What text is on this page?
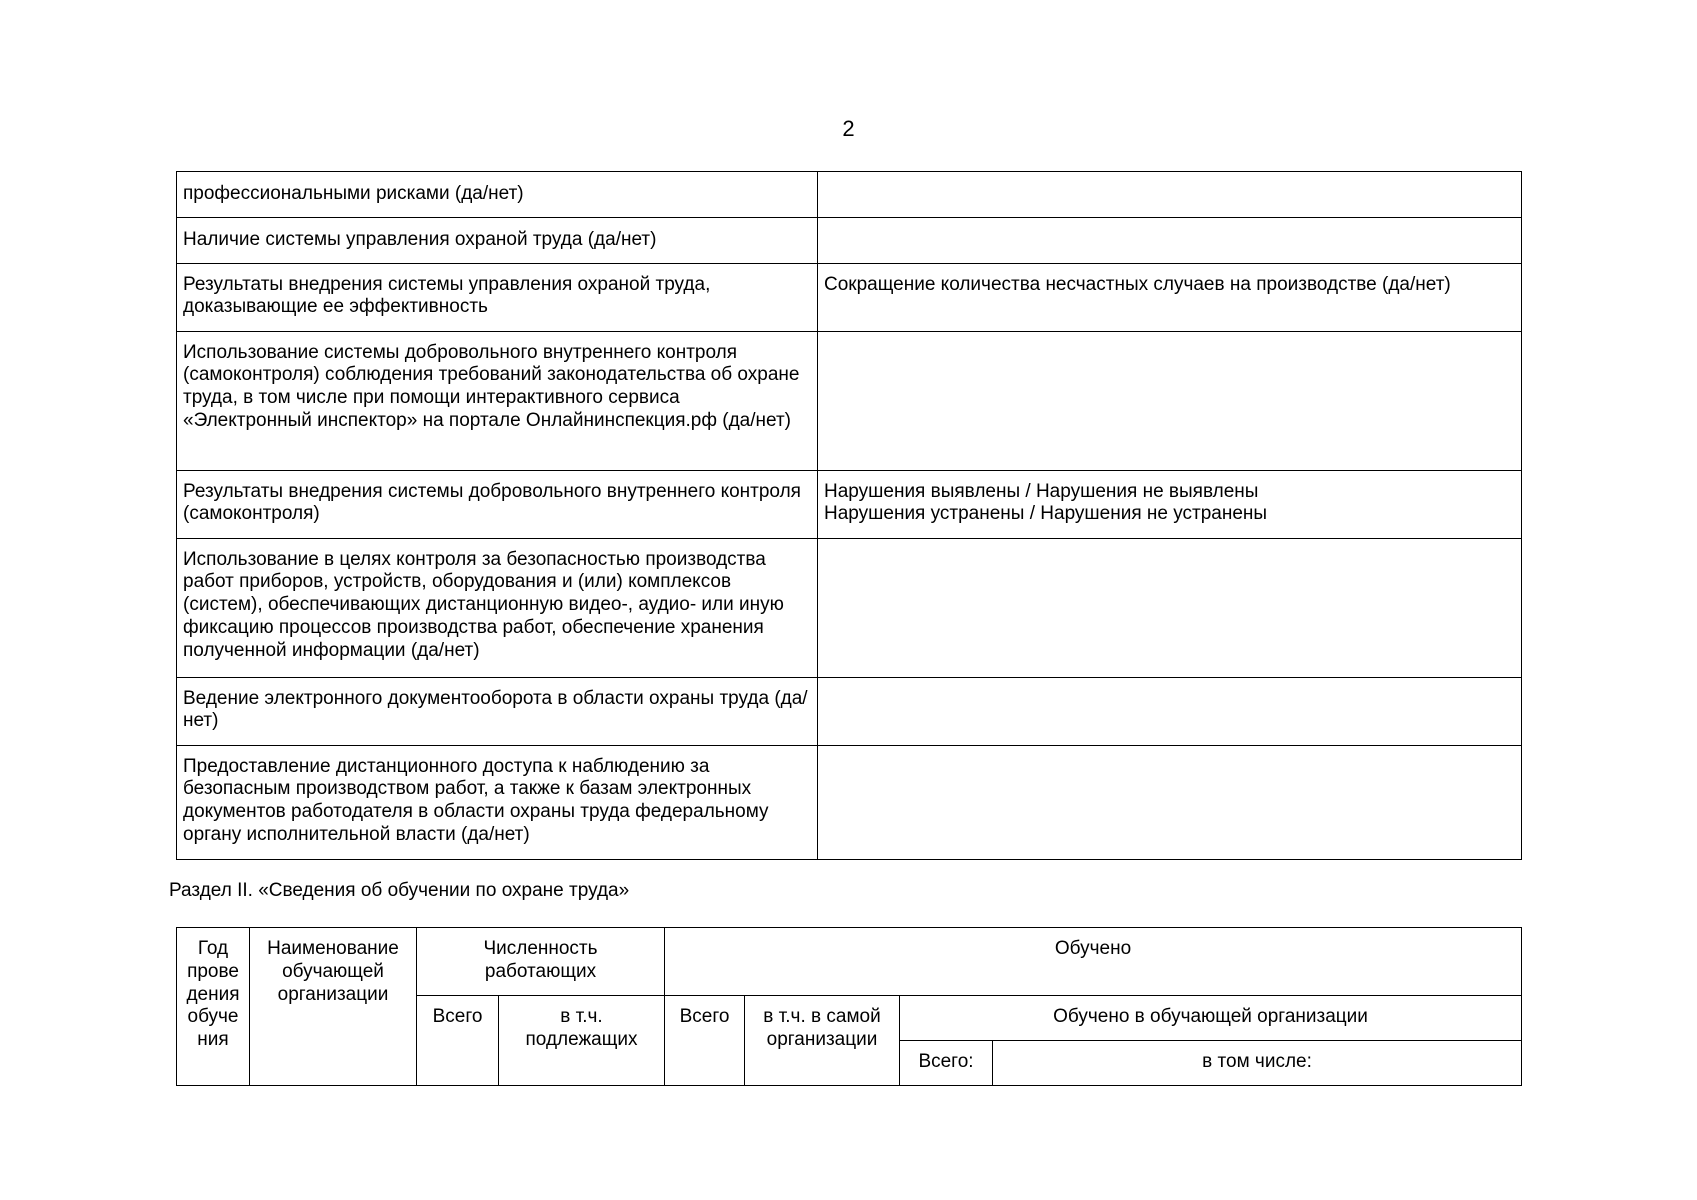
2
профессиональными рисками (да/нет)	
Наличие системы управления охраной труда (да/нет)	
Результаты внедрения системы управления охраной труда, доказывающие ее эффективность	Сокращение количества несчастных случаев на производстве (да/нет)
Использование системы добровольного внутреннего контроля (самоконтроля) соблюдения требований законодательства об охране труда, в том числе при помощи интерактивного сервиса «Электронный инспектор» на портале Онлайнинспекция.рф (да/нет)	
Результаты внедрения системы добровольного внутреннего контроля (самоконтроля)	Нарушения выявлены / Нарушения не выявлены
Нарушения устранены / Нарушения не устранены

Использование в целях контроля за безопасностью производства работ приборов, устройств, оборудования и (или) комплексов (систем), обеспечивающих дистанционную видео-, аудио- или иную фиксацию процессов производства работ, обеспечение хранения полученной информации (да/нет)	
Ведение электронного документооборота в области охраны труда (да/нет)	
Предоставление дистанционного доступа к наблюдению за безопасным производством работ, а также к базам электронных документов работодателя в области охраны труда федеральному органу исполнительной власти (да/нет)	
Раздел II. «Сведения об обучении по охране труда»
Год прове дения обуче ния	Наименование обучающей организации	Численность работающих		Обучено			
		Всего	в т.ч. подлежащих	Всего	в т.ч. в самой организации	Обучено в обучающей организации	
						Всего:	в том числе:
